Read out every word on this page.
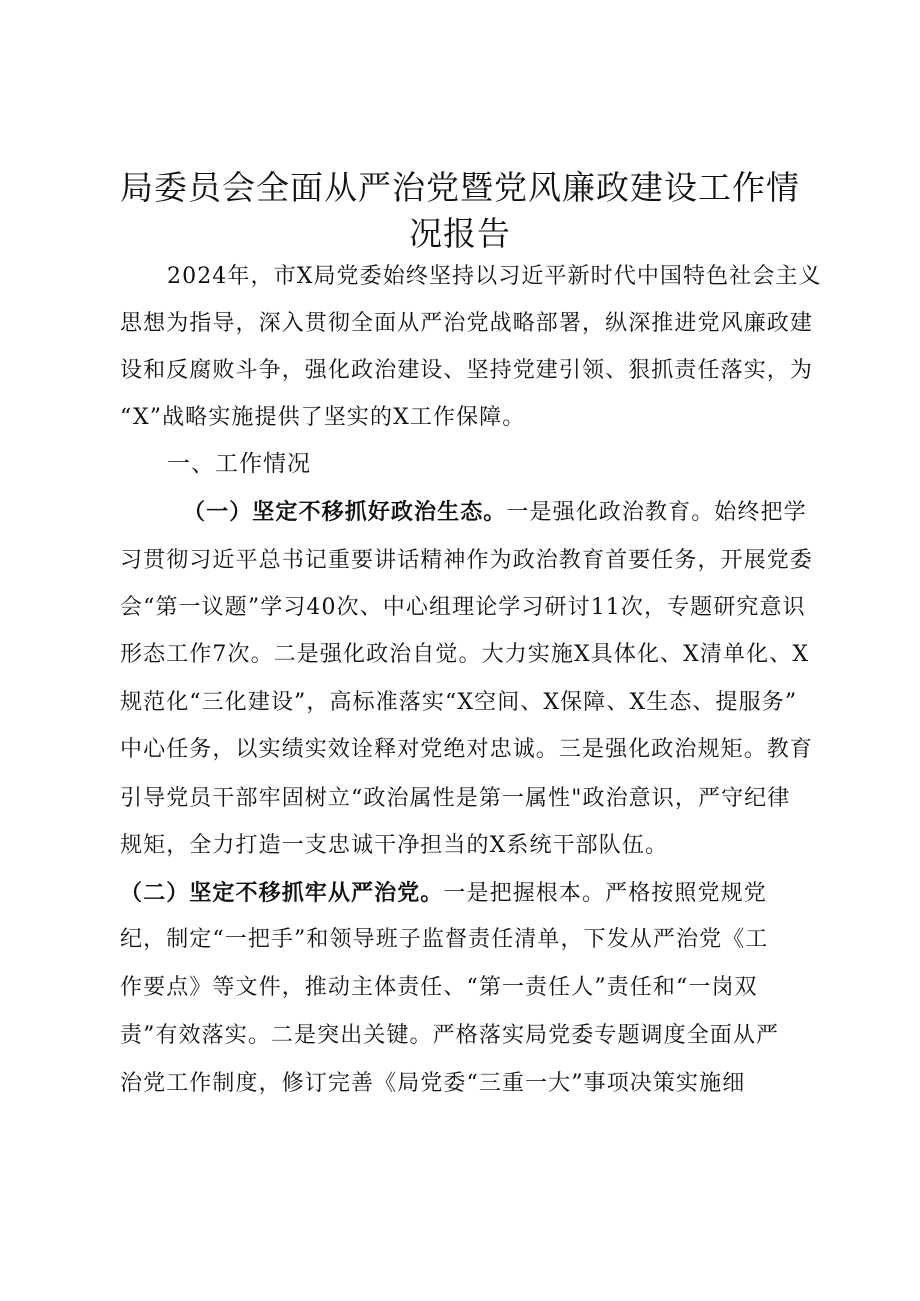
局委员会全面从严治党暨党风廉政建设工作情
况报告
2024年，市X局党委始终坚持以习近平新时代中国特色社会主义
思想为指导，深入贯彻全面从严治党战略部署，纵深推进党风廉政建
设和反腐败斗争，强化政治建设、坚持党建引领、狠抓责任落实，为
“X”战略实施提供了坚实的X工作保障。
一、工作情况
（一）坚定不移抓好政治生态。一是强化政治教育。始终把学
习贯彻习近平总书记重要讲话精神作为政治教育首要任务，开展党委
会“第一议题”学习40次、中心组理论学习研讨11次，专题研究意识
形态工作7次。二是强化政治自觉。大力实施X具体化、X清单化、X
规范化“三化建设”，高标准落实“X空间、X保障、X生态、提服务”
中心任务，以实绩实效诠释对党绝对忠诚。三是强化政治规矩。教育
引导党员干部牢固树立“政治属性是第一属性"政治意识，严守纪律
规矩，全力打造一支忠诚干净担当的X系统干部队伍。
（二）坚定不移抓牢从严治党。一是把握根本。严格按照党规党
纪，制定“一把手”和领导班子监督责任清单，下发从严治党《工
作要点》等文件，推动主体责任、“第一责任人”责任和“一岗双
责”有效落实。二是突出关键。严格落实局党委专题调度全面从严
治党工作制度，修订完善《局党委“三重一大”事项决策实施细
